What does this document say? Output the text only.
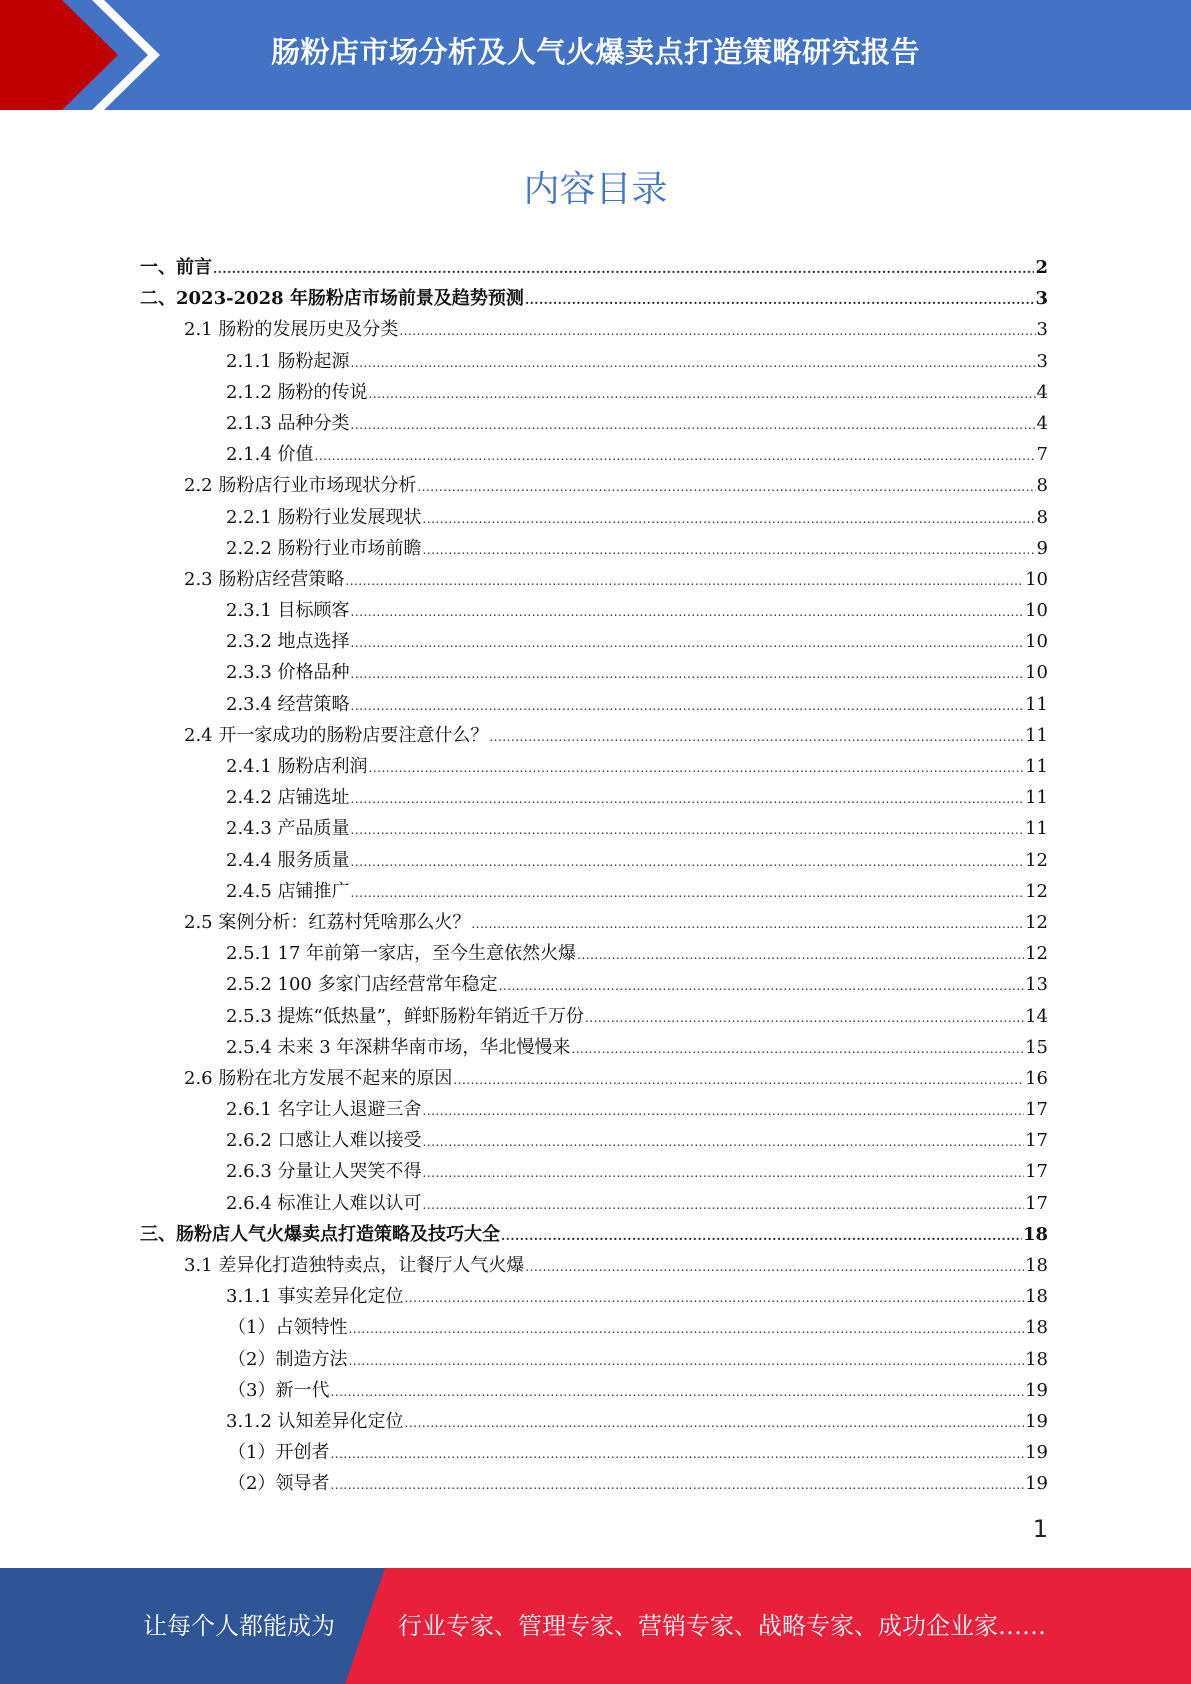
肠粉店市场分析及人气火爆卖点打造策略研究报告
内容目录
一、前言 .....	2
二、2023-2028 年肠粉店市场前景及趋势预测 .....	3
2.1 肠粉的发展历史及分类 .....	3
2.1.1 肠粉起源 .....	3
2.1.2 肠粉的传说 .....	4
2.1.3 品种分类 .....	4
2.1.4 价值 .....	7
2.2 肠粉店行业市场现状分析 .....	8
2.2.1 肠粉行业发展现状 .....	8
2.2.2 肠粉行业市场前瞻 .....	9
2.3 肠粉店经营策略 .....	10
2.3.1 目标顾客 .....	10
2.3.2 地点选择 .....	10
2.3.3 价格品种 .....	10
2.3.4 经营策略 .....	11
2.4 开一家成功的肠粉店要注意什么？ .....	11
2.4.1 肠粉店利润 .....	11
2.4.2 店铺选址 .....	11
2.4.3 产品质量 .....	11
2.4.4 服务质量 .....	12
2.4.5 店铺推广 .....	12
2.5 案例分析：红荔村凭啥那么火？ .....	12
2.5.1 17 年前第一家店，至今生意依然火爆 .....	12
2.5.2 100 多家门店经营常年稳定 .....	13
2.5.3 提炼“低热量”，鲜虾肠粉年销近千万份 .....	14
2.5.4 未来 3 年深耕华南市场，华北慢慢来 .....	15
2.6 肠粉在北方发展不起来的原因 .....	16
2.6.1 名字让人退避三舍 .....	17
2.6.2 口感让人难以接受 .....	17
2.6.3 分量让人哭笑不得 .....	17
2.6.4 标准让人难以认可 .....	17
三、肠粉店人气火爆卖点打造策略及技巧大全 .....	18
3.1 差异化打造独特卖点，让餐厅人气火爆 .....	18
3.1.1 事实差异化定位 .....	18
（1）占领特性 .....	18
（2）制造方法 .....	18
（3）新一代 .....	19
3.1.2 认知差异化定位 .....	19
（1）开创者 .....	19
（2）领导者 .....	19
1
让每个人都能成为	行业专家、管理专家、营销专家、战略专家、成功企业家……
